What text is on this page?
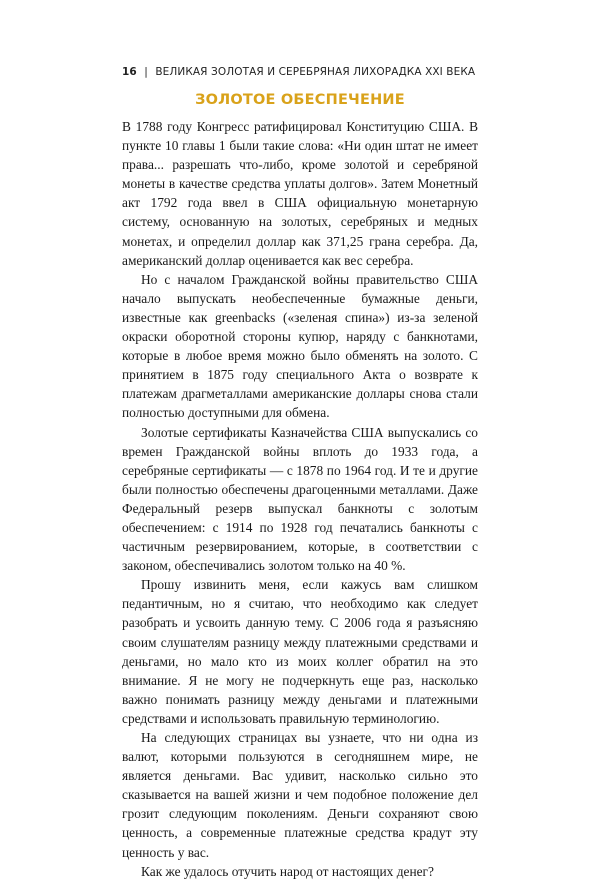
16 | ВЕЛИКАЯ ЗОЛОТАЯ И СЕРЕБРЯНАЯ ЛИХОРАДКА XXI ВЕКА
ЗОЛОТОЕ ОБЕСПЕЧЕНИЕ

В 1788 году Конгресс ратифицировал Конституцию США. В пункте 10 главы 1 были такие слова: «Ни один штат не имеет права... разрешать что-либо, кроме золотой и серебряной монеты в качестве средства уплаты долгов». Затем Монетный акт 1792 года ввел в США официальную монетарную систему, основанную на золотых, серебряных и медных монетах, и определил доллар как 371,25 грана серебра. Да, американский доллар оценивается как вес серебра.

Но с началом Гражданской войны правительство США начало выпускать необеспеченные бумажные деньги, известные как greenbacks («зеленая спина») из-за зеленой окраски оборотной стороны купюр, наряду с банкнотами, которые в любое время можно было обменять на золото. С принятием в 1875 году специального Акта о возврате к платежам драгметаллами американские доллары снова стали полностью доступными для обмена.

Золотые сертификаты Казначейства США выпускались со времен Гражданской войны вплоть до 1933 года, а серебряные сертификаты — с 1878 по 1964 год. И те и другие были полностью обеспечены драгоценными металлами. Даже Федеральный резерв выпускал банкноты с золотым обеспечением: с 1914 по 1928 год печатались банкноты с частичным резервированием, которые, в соответствии с законом, обеспечивались золотом только на 40 %.

Прошу извинить меня, если кажусь вам слишком педантичным, но я считаю, что необходимо как следует разобрать и усвоить данную тему. С 2006 года я разъясняю своим слушателям разницу между платежными средствами и деньгами, но мало кто из моих коллег обратил на это внимание. Я не могу не подчеркнуть еще раз, насколько важно понимать разницу между деньгами и платежными средствами и использовать правильную терминологию.

На следующих страницах вы узнаете, что ни одна из валют, которыми пользуются в сегодняшнем мире, не является деньгами. Вас удивит, насколько сильно это сказывается на вашей жизни и чем подобное положение дел грозит следующим поколениям. Деньги сохраняют свою ценность, а современные платежные средства крадут эту ценность у вас.

Как же удалось отучить народ от настоящих денег?
